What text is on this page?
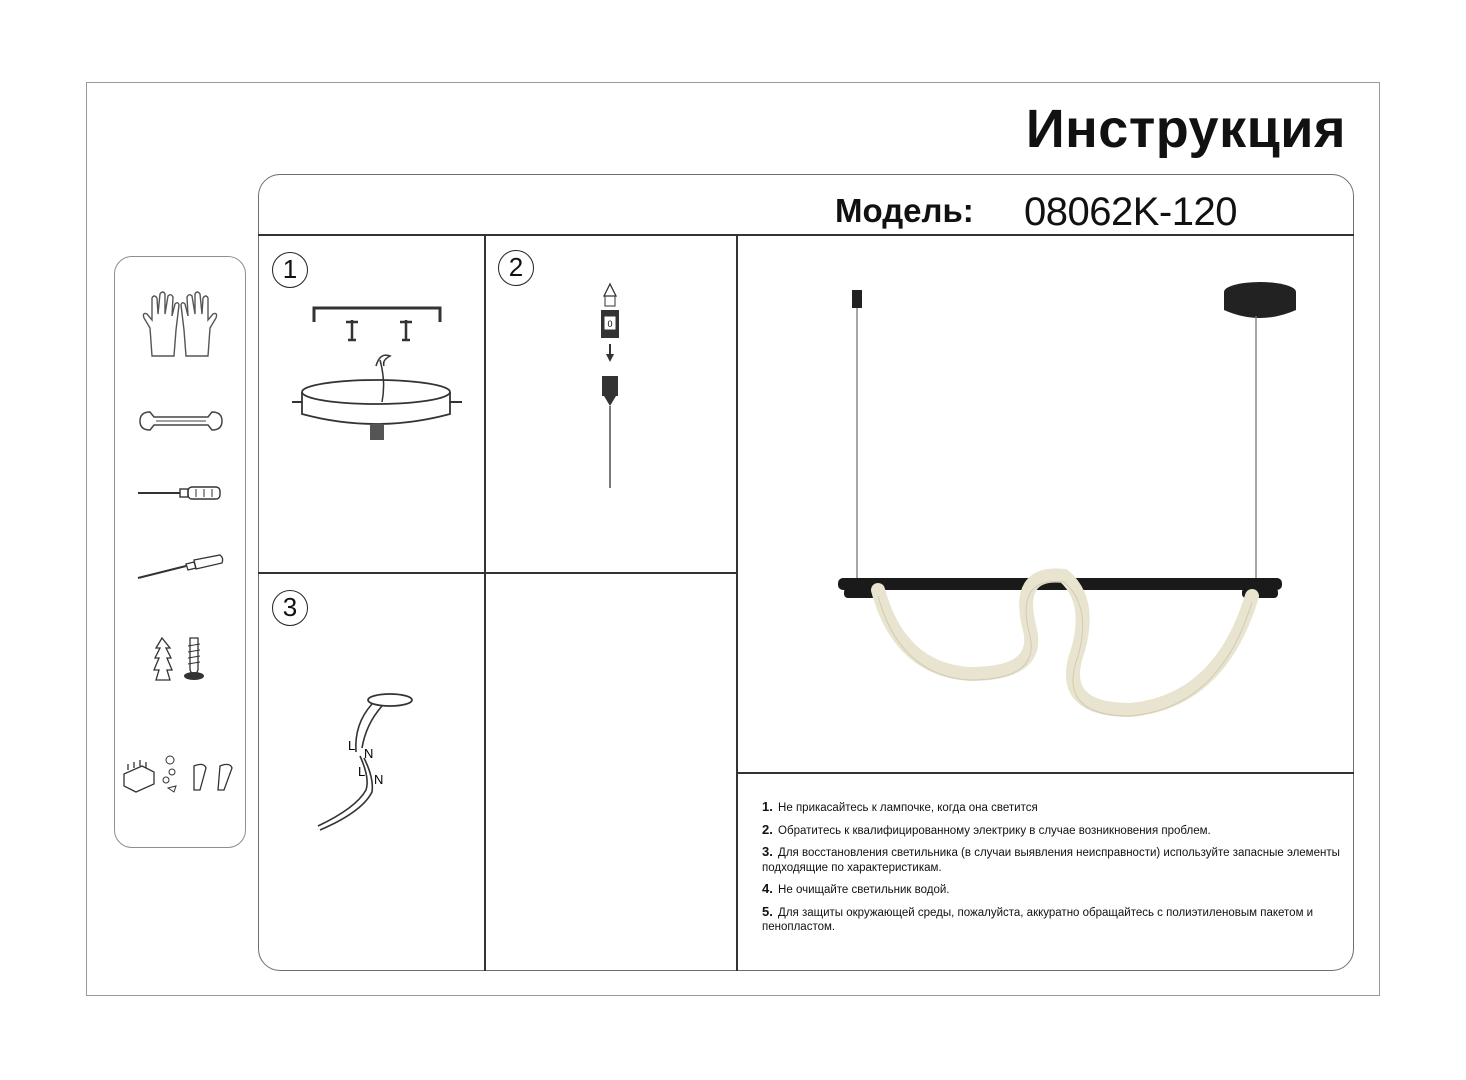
Инструкция
Модель: 08062K-120
1	2
3
0
L
N
L
N
1. Не прикасайтесь к лампочке, когда она светится
2. Обратитесь к квалифицированному электрику в случае возникновения проблем.
3. Для восстановления светильника (в случаи выявления неисправности) используйте запасные элементы подходящие по характеристикам.
4. Не очищайте светильник водой.
5. Для защиты окружающей среды, пожалуйста, аккуратно обращайтесь с полиэтиленовым пакетом и пенопластом.
